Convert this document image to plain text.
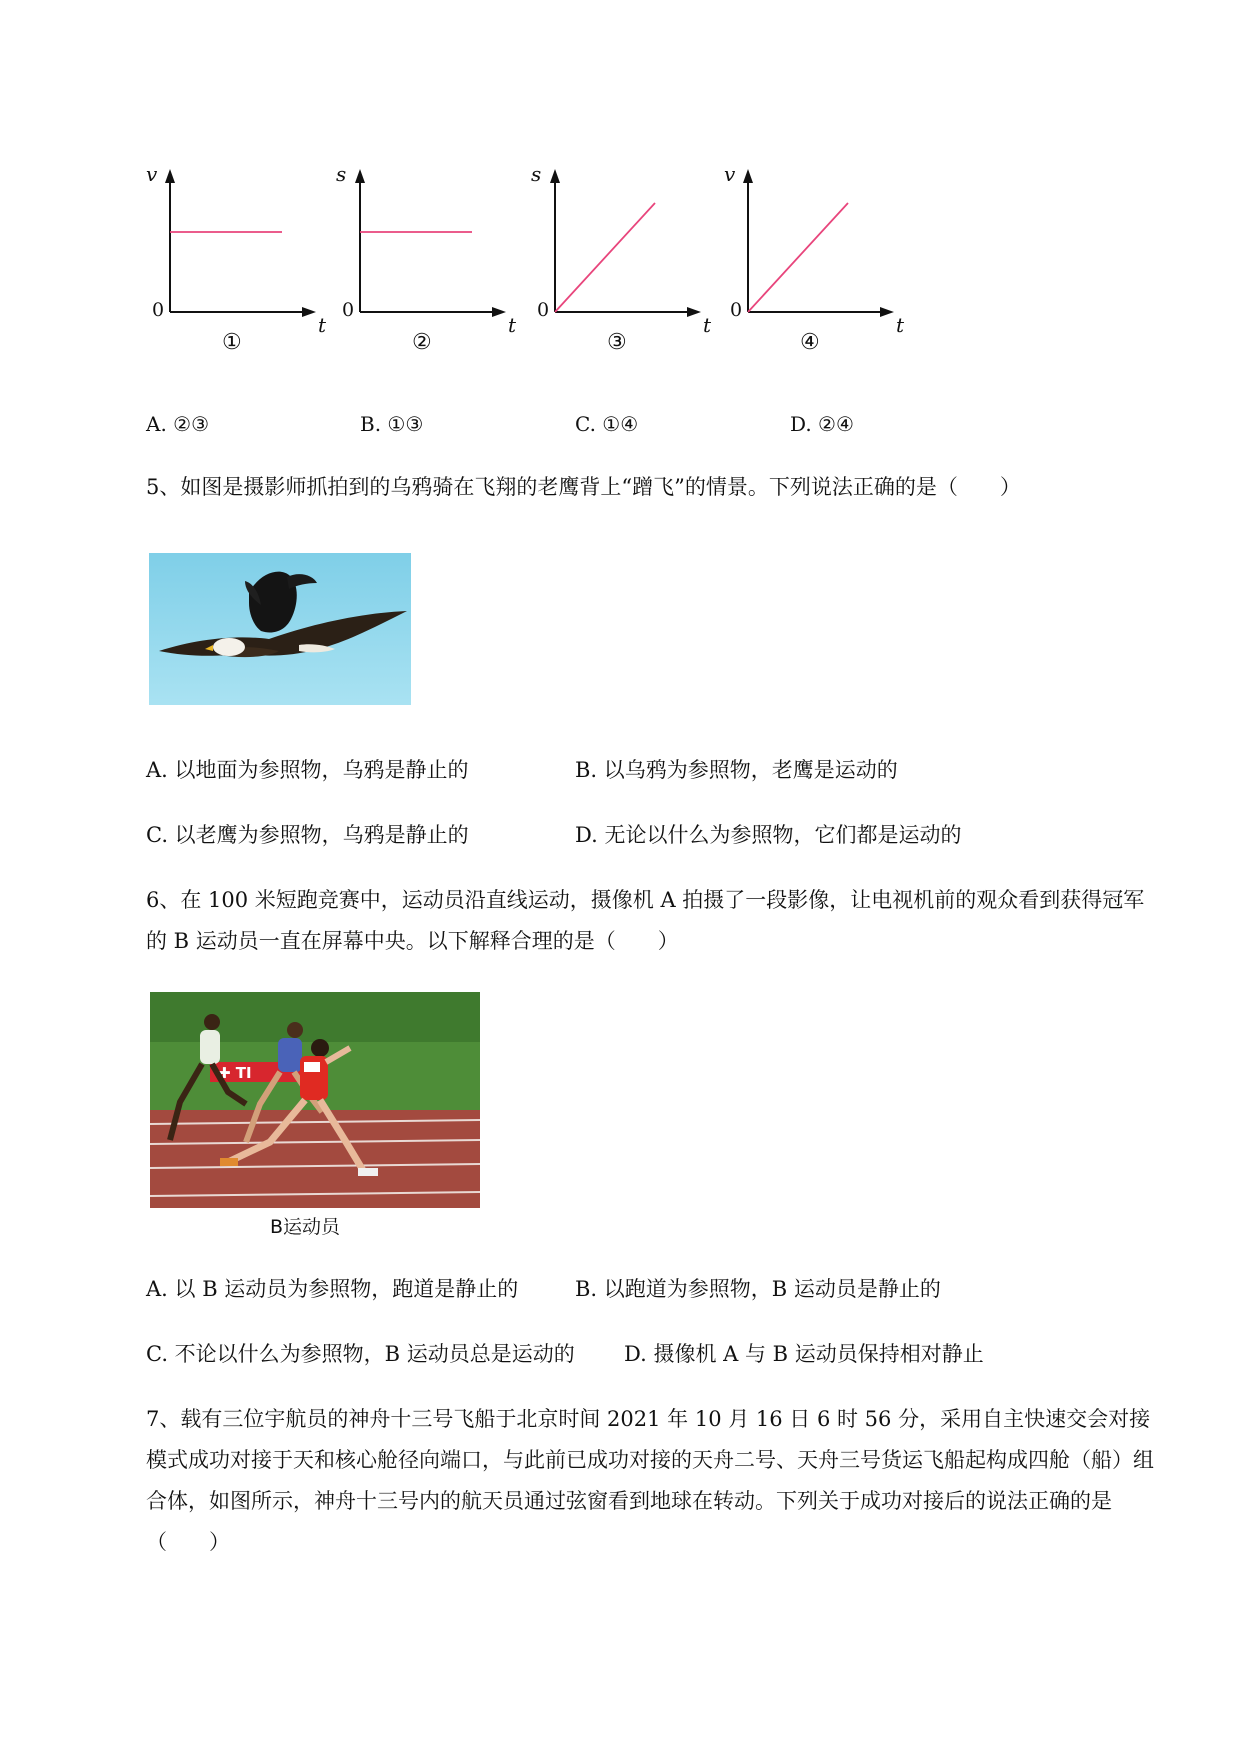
v
t
0
①
s
t
0
②
s
t
0
③
v
t
0
④
A. ②③	B. ①③	C. ①④	D. ②④
5、如图是摄影师抓拍到的乌鸦骑在飞翔的老鹰背上“蹭飞”的情景。下列说法正确的是（　　）
A. 以地面为参照物，乌鸦是静止的	B. 以乌鸦为参照物，老鹰是运动的
C. 以老鹰为参照物，乌鸦是静止的	D. 无论以什么为参照物，它们都是运动的
6、在 100 米短跑竞赛中，运动员沿直线运动，摄像机 A 拍摄了一段影像，让电视机前的观众看到获得冠军的 B 运动员一直在屏幕中央。以下解释合理的是（　　）
✚ TI
B运动员
A. 以 B 运动员为参照物，跑道是静止的	B. 以跑道为参照物，B 运动员是静止的
C. 不论以什么为参照物，B 运动员总是运动的 D. 摄像机 A 与 B 运动员保持相对静止
7、载有三位宇航员的神舟十三号飞船于北京时间 2021 年 10 月 16 日 6 时 56 分，采用自主快速交会对接模式成功对接于天和核心舱径向端口，与此前已成功对接的天舟二号、天舟三号货运飞船起构成四舱（船）组合体，如图所示，神舟十三号内的航天员通过弦窗看到地球在转动。下列关于成功对接后的说法正确的是（　　）
